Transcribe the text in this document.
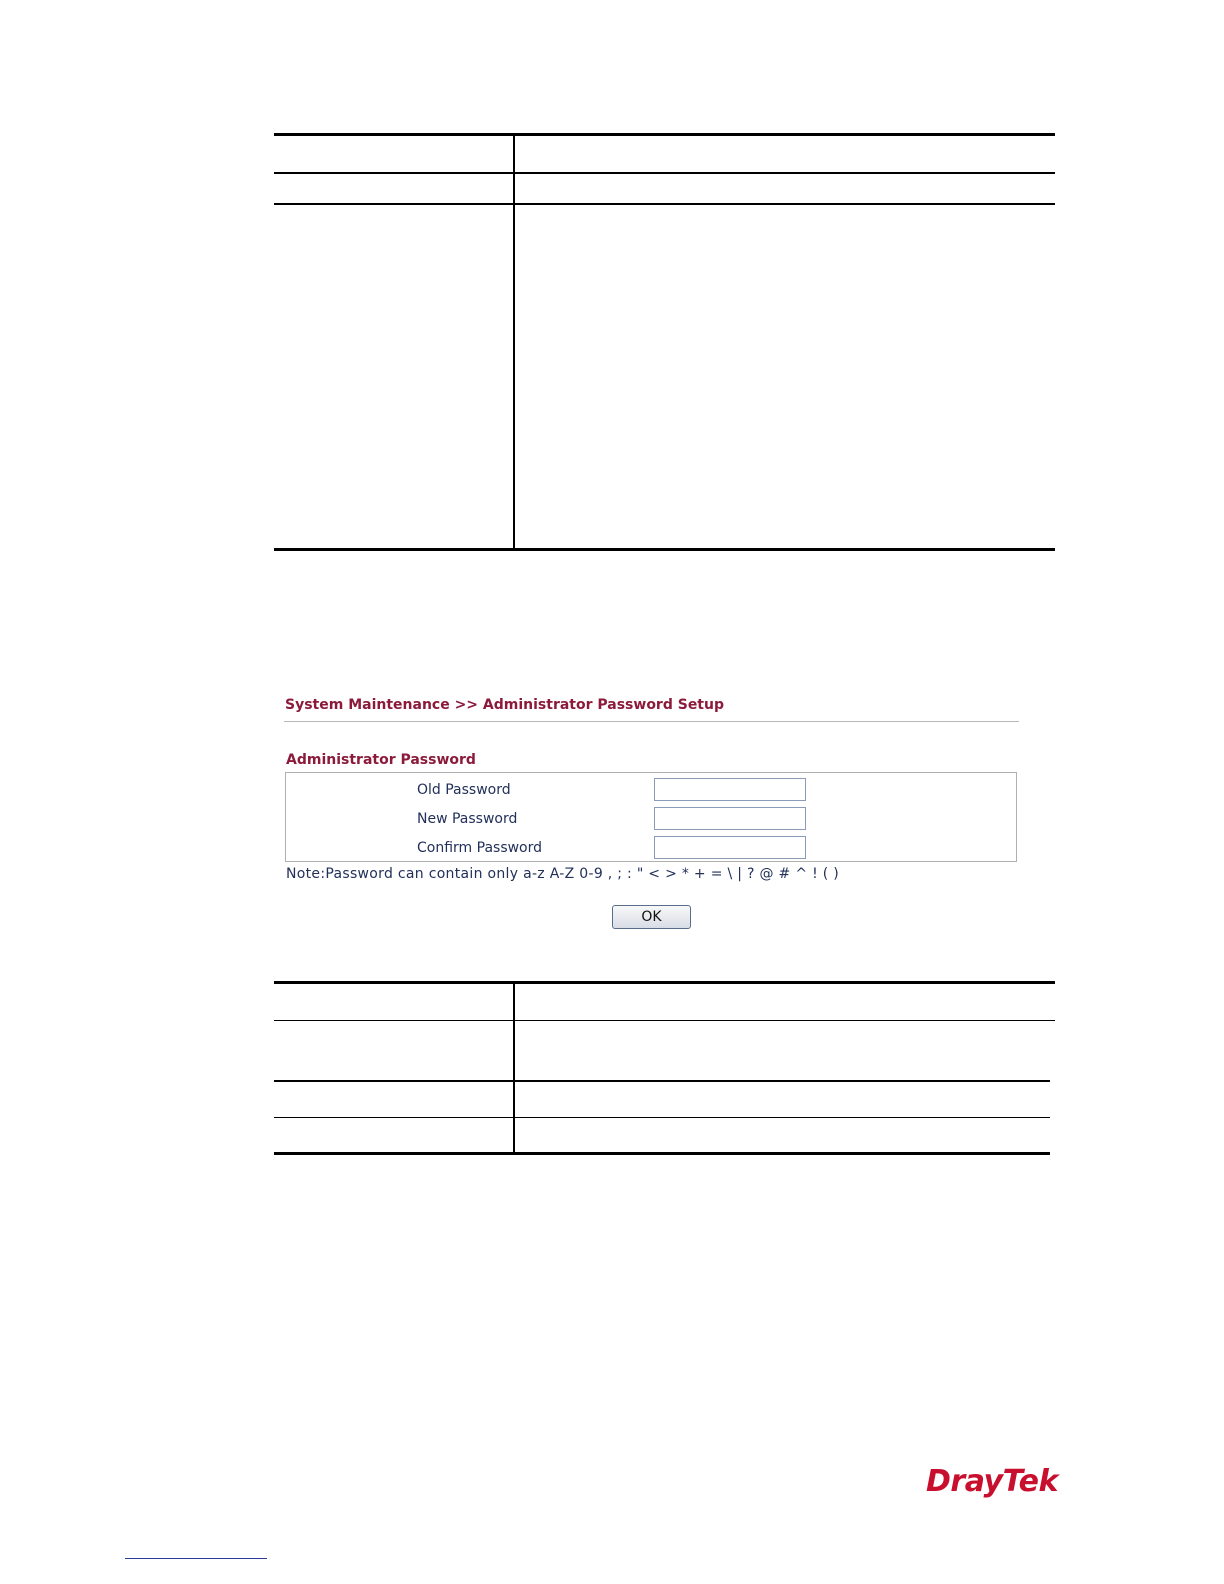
System Maintenance >> Administrator Password Setup
Administrator Password
Old Password
New Password
Confirm Password
Note:Password can contain only a-z A-Z 0-9 , ; : " < > * + = \ | ? @ # ^ ! ( )
OK
DrayTek
